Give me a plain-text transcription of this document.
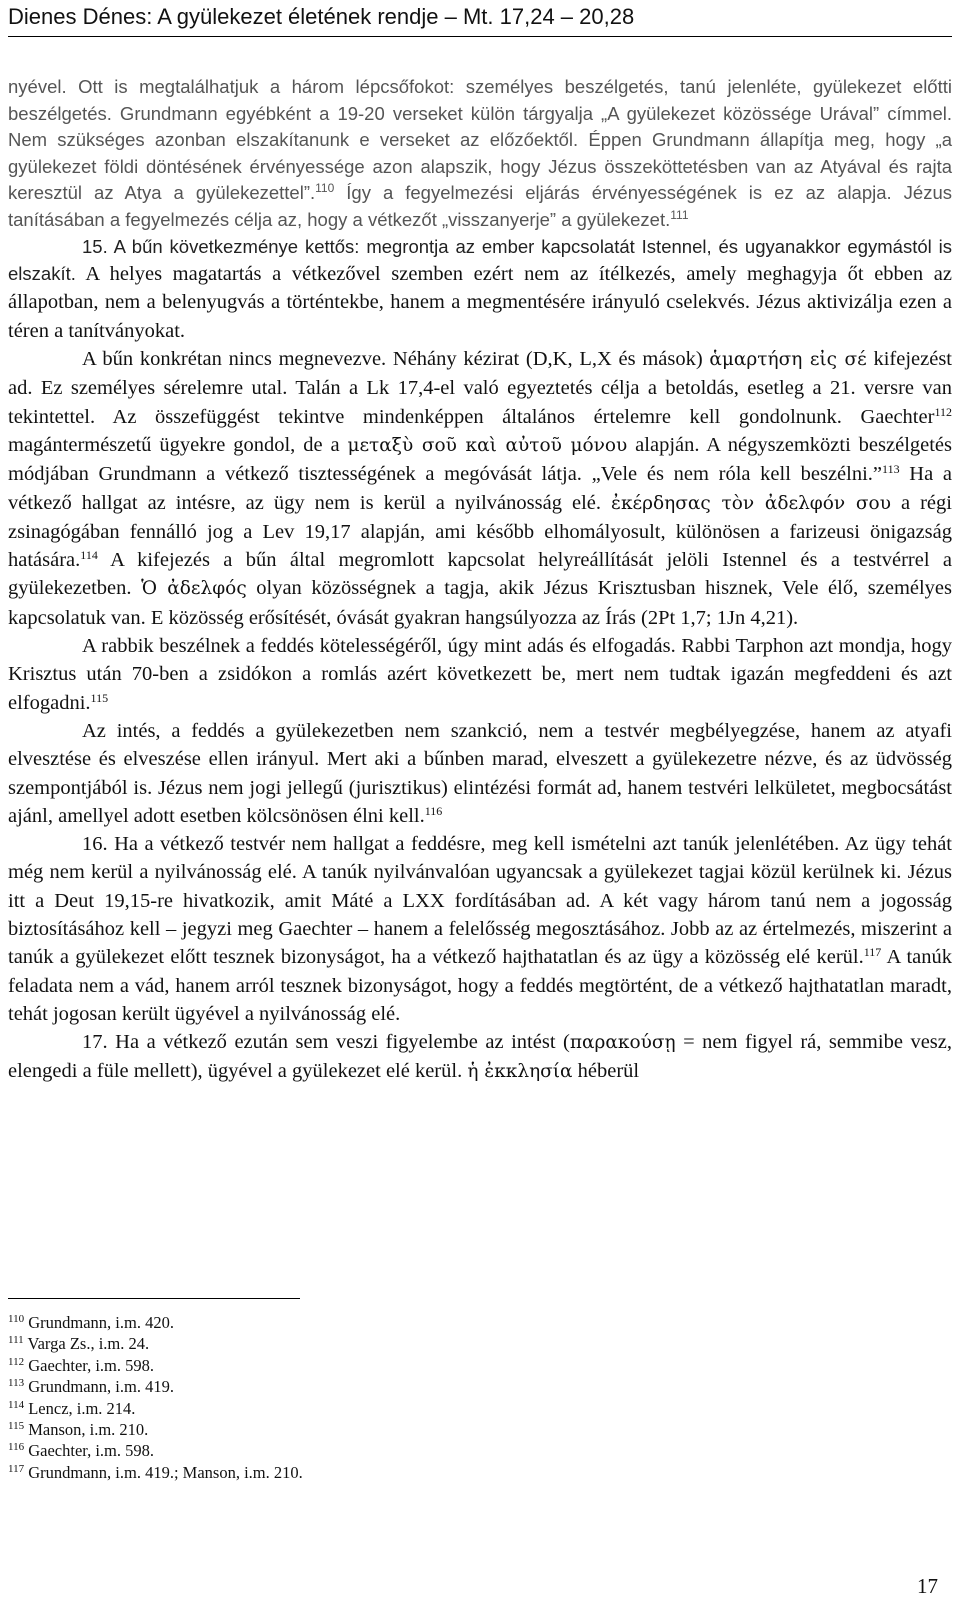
Dienes Dénes: A gyülekezet életének rendje – Mt. 17,24 – 20,28

nyével. Ott is megtalálhatjuk a három lépcsőfokot: személyes beszélgetés, tanú jelenléte, gyülekezet előtti beszélgetés. Grundmann egyébként a 19-20 verseket külön tárgyalja „A gyülekezet közössége Urával” címmel. Nem szükséges azonban elszakítanunk e verseket az előzőektől. Éppen Grundmann állapítja meg, hogy „a gyülekezet földi döntésének érvényessége azon alapszik, hogy Jézus összeköttetésben van az Atyával és rajta keresztül az Atya a gyülekezettel”.$^{110}$ Így a fegyelmezési eljárás érvényességének is ez az alapja. Jézus tanításában a fegyelmezés célja az, hogy a vétkezőt „visszanyerje” a gyülekezet.$^{111}$

15. A bűn következménye kettős: megrontja az ember kapcsolatát Istennel, és ugyanakkor egymástól is elszakít. A helyes magatartás a vétkezővel szemben ezért nem az ítélkezés, amely meghagyja őt ebben az állapotban, nem a belenyugvás a történtekbe, hanem a megmentésére irányuló cselekvés. Jézus aktivizálja ezen a téren a tanítványokat.

A bűn konkrétan nincs megnevezve. Néhány kézirat (D,K, L,X és mások) ἁμαρτήση εἰς σέ kifejezést ad. Ez személyes sérelemre utal. Talán a Lk 17,4-el való egyeztetés célja a betoldás, esetleg a 21. versre van tekintettel. Az összefüggést tekintve mindenképpen általános értelemre kell gondolnunk. Gaechter$^{112}$ magántermészetű ügyekre gondol, de a μεταξὺ σοῦ καὶ αὐτοῦ μόνου alapján. A négyszemközti beszélgetés módjában Grundmann a vétkező tisztességének a megóvását látja. „Vele és nem róla kell beszélni.”$^{113}$ Ha a vétkező hallgat az intésre, az ügy nem is kerül a nyilvánosság elé. ἐκέρδησας τὸν ἀδελφόν σου a régi zsinagógában fennálló jog a Lev 19,17 alapján, ami később elhomályosult, különösen a farizeusi önigazság hatására.$^{114}$ A kifejezés a bűn által megromlott kapcsolat helyreállítását jelöli Istennel és a testvérrel a gyülekezetben. Ὁ ἀδελφός olyan közösségnek a tagja, akik Jézus Krisztusban hisznek, Vele élő, személyes kapcsolatuk van. E közösség erősítését, óvását gyakran hangsúlyozza az Írás (2Pt 1,7; 1Jn 4,21).

A rabbik beszélnek a feddés kötelességéről, úgy mint adás és elfogadás. Rabbi Tarphon azt mondja, hogy Krisztus után 70-ben a zsidókon a romlás azért következett be, mert nem tudtak igazán megfeddeni és azt elfogadni.$^{115}$

Az intés, a feddés a gyülekezetben nem szankció, nem a testvér megbélyegzése, hanem az atyafi elvesztése és elveszése ellen irányul. Mert aki a bűnben marad, elveszett a gyülekezetre nézve, és az üdvösség szempontjából is. Jézus nem jogi jellegű (jurisztikus) elintézési formát ad, hanem testvéri lelkületet, megbocsátást ajánl, amellyel adott esetben kölcsönösen élni kell.$^{116}$

16. Ha a vétkező testvér nem hallgat a feddésre, meg kell ismételni azt tanúk jelenlétében. Az ügy tehát még nem kerül a nyilvánosság elé. A tanúk nyilvánvalóan ugyancsak a gyülekezet tagjai közül kerülnek ki. Jézus itt a Deut 19,15-re hivatkozik, amit Máté a LXX fordításában ad. A két vagy három tanú nem a jogosság biztosításához kell – jegyzi meg Gaechter – hanem a felelősség megosztásához. Jobb az az értelmezés, miszerint a tanúk a gyülekezet előtt tesznek bizonyságot, ha a vétkező hajthatatlan és az ügy a közösség elé kerül.$^{117}$ A tanúk feladata nem a vád, hanem arról tesznek bizonyságot, hogy a feddés megtörtént, de a vétkező hajthatatlan maradt, tehát jogosan került ügyével a nyilvánosság elé.

17. Ha a vétkező ezután sem veszi figyelembe az intést (παρακούσῃ = nem figyel rá, semmibe vesz, elengedi a füle mellett), ügyével a gyülekezet elé kerül. ἡ ἐκκλησία héberül

$^{110}$ Grundmann, i.m. 420.
$^{111}$ Varga Zs., i.m. 24.
$^{112}$ Gaechter, i.m. 598.
$^{113}$ Grundmann, i.m. 419.
$^{114}$ Lencz, i.m. 214.
$^{115}$ Manson, i.m. 210.
$^{116}$ Gaechter, i.m. 598.
$^{117}$ Grundmann, i.m. 419.; Manson, i.m. 210.
17
